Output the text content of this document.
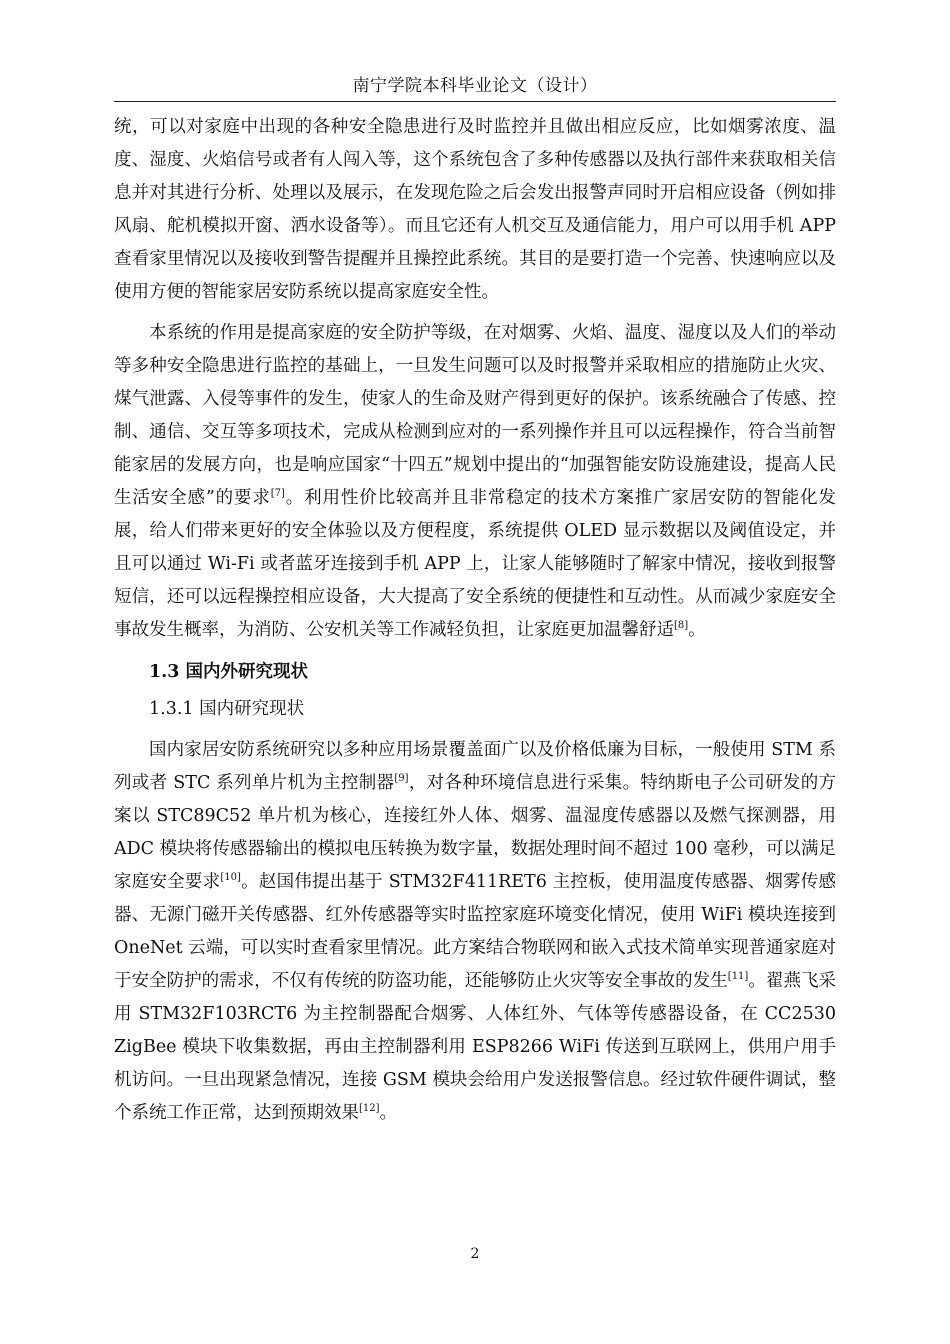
南宁学院本科毕业论文（设计）

统，可以对家庭中出现的各种安全隐患进行及时监控并且做出相应反应，比如烟雾浓度、温度、湿度、火焰信号或者有人闯入等，这个系统包含了多种传感器以及执行部件来获取相关信息并对其进行分析、处理以及展示，在发现危险之后会发出报警声同时开启相应设备（例如排风扇、舵机模拟开窗、洒水设备等）。而且它还有人机交互及通信能力，用户可以用手机 APP 查看家里情况以及接收到警告提醒并且操控此系统。其目的是要打造一个完善、快速响应以及使用方便的智能家居安防系统以提高家庭安全性。

本系统的作用是提高家庭的安全防护等级，在对烟雾、火焰、温度、湿度以及人们的举动等多种安全隐患进行监控的基础上，一旦发生问题可以及时报警并采取相应的措施防止火灾、煤气泄露、入侵等事件的发生，使家人的生命及财产得到更好的保护。该系统融合了传感、控制、通信、交互等多项技术，完成从检测到应对的一系列操作并且可以远程操作，符合当前智能家居的发展方向，也是响应国家“十四五”规划中提出的“加强智能安防设施建设，提高人民生活安全感”的要求[7]。利用性价比较高并且非常稳定的技术方案推广家居安防的智能化发展，给人们带来更好的安全体验以及方便程度，系统提供 OLED 显示数据以及阈值设定，并且可以通过 Wi-Fi 或者蓝牙连接到手机 APP 上，让家人能够随时了解家中情况，接收到报警短信，还可以远程操控相应设备，大大提高了安全系统的便捷性和互动性。从而减少家庭安全事故发生概率，为消防、公安机关等工作减轻负担，让家庭更加温馨舒适[8]。

1.3 国内外研究现状
1.3.1 国内研究现状

国内家居安防系统研究以多种应用场景覆盖面广以及价格低廉为目标，一般使用 STM 系列或者 STC 系列单片机为主控制器[9]，对各种环境信息进行采集。特纳斯电子公司研发的方案以 STC89C52 单片机为核心，连接红外人体、烟雾、温湿度传感器以及燃气探测器，用 ADC 模块将传感器输出的模拟电压转换为数字量，数据处理时间不超过 100 毫秒，可以满足家庭安全要求[10]。赵国伟提出基于 STM32F411RET6 主控板，使用温度传感器、烟雾传感器、无源门磁开关传感器、红外传感器等实时监控家庭环境变化情况，使用 WiFi 模块连接到 OneNet 云端，可以实时查看家里情况。此方案结合物联网和嵌入式技术简单实现普通家庭对于安全防护的需求，不仅有传统的防盗功能，还能够防止火灾等安全事故的发生[11]。翟燕飞采用 STM32F103RCT6 为主控制器配合烟雾、人体红外、气体等传感器设备，在 CC2530 ZigBee 模块下收集数据，再由主控制器利用 ESP8266 WiFi 传送到互联网上，供用户用手机访问。一旦出现紧急情况，连接 GSM 模块会给用户发送报警信息。经过软件硬件调试，整个系统工作正常，达到预期效果[12]。

2
